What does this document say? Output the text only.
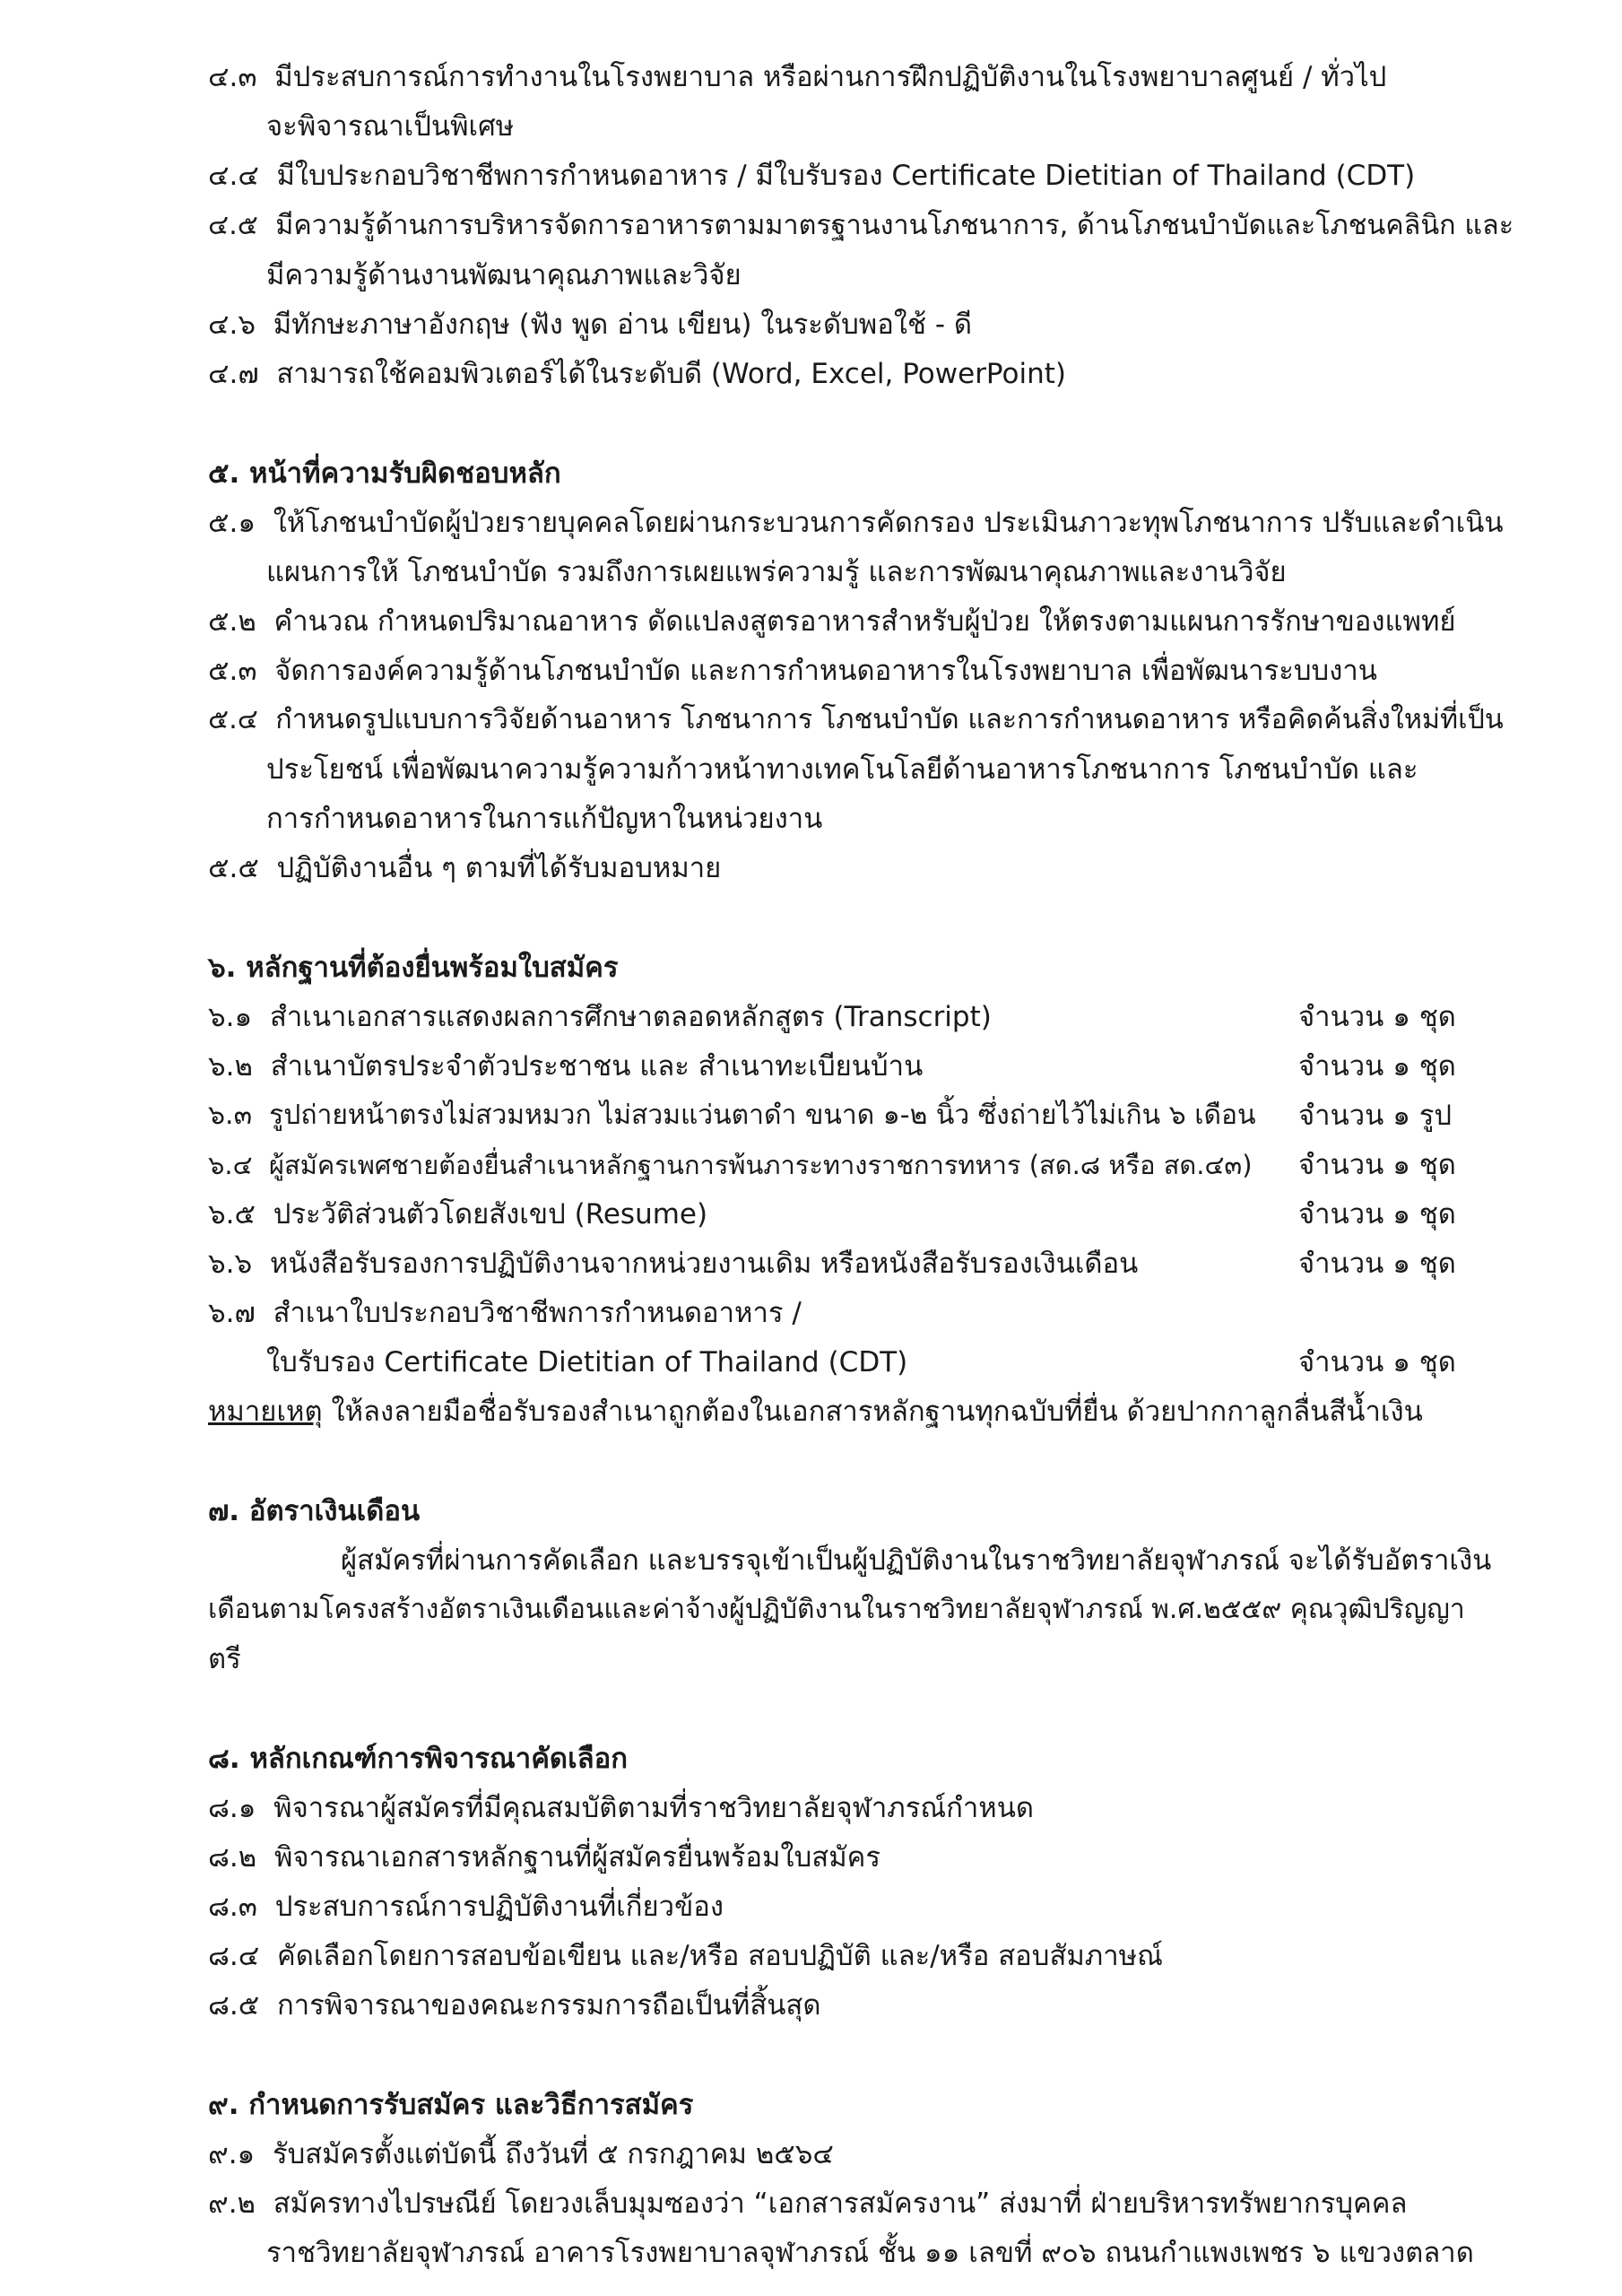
๔.๓ มีประสบการณ์การทำงานในโรงพยาบาล หรือผ่านการฝึกปฏิบัติงานในโรงพยาบาลศูนย์ / ทั่วไป
จะพิจารณาเป็นพิเศษ
๔.๔ มีใบประกอบวิชาชีพการกำหนดอาหาร / มีใบรับรอง Certificate Dietitian of Thailand (CDT)
๔.๕ มีความรู้ด้านการบริหารจัดการอาหารตามมาตรฐานงานโภชนาการ, ด้านโภชนบำบัดและโภชนคลินิก และ
มีความรู้ด้านงานพัฒนาคุณภาพและวิจัย
๔.๖ มีทักษะภาษาอังกฤษ (ฟัง พูด อ่าน เขียน) ในระดับพอใช้ - ดี
๔.๗ สามารถใช้คอมพิวเตอร์ได้ในระดับดี (Word, Excel, PowerPoint)
๕. หน้าที่ความรับผิดชอบหลัก
๕.๑ ให้โภชนบำบัดผู้ป่วยรายบุคคลโดยผ่านกระบวนการคัดกรอง ประเมินภาวะทุพโภชนาการ ปรับและดำเนิน
แผนการให้ โภชนบำบัด รวมถึงการเผยแพร่ความรู้ และการพัฒนาคุณภาพและงานวิจัย
๕.๒ คำนวณ กำหนดปริมาณอาหาร ดัดแปลงสูตรอาหารสำหรับผู้ป่วย ให้ตรงตามแผนการรักษาของแพทย์
๕.๓ จัดการองค์ความรู้ด้านโภชนบำบัด และการกำหนดอาหารในโรงพยาบาล เพื่อพัฒนาระบบงาน
๕.๔ กำหนดรูปแบบการวิจัยด้านอาหาร โภชนาการ โภชนบำบัด และการกำหนดอาหาร หรือคิดค้นสิ่งใหม่ที่เป็น
ประโยชน์ เพื่อพัฒนาความรู้ความก้าวหน้าทางเทคโนโลยีด้านอาหารโภชนาการ โภชนบำบัด และ
การกำหนดอาหารในการแก้ปัญหาในหน่วยงาน
๕.๕ ปฏิบัติงานอื่น ๆ ตามที่ได้รับมอบหมาย
๖. หลักฐานที่ต้องยื่นพร้อมใบสมัคร
๖.๑ สำเนาเอกสารแสดงผลการศึกษาตลอดหลักสูตร (Transcript)	จำนวน ๑ ชุด
๖.๒ สำเนาบัตรประจำตัวประชาชน และ สำเนาทะเบียนบ้าน	จำนวน ๑ ชุด
๖.๓ รูปถ่ายหน้าตรงไม่สวมหมวก ไม่สวมแว่นตาดำ ขนาด ๑-๒ นิ้ว ซึ่งถ่ายไว้ไม่เกิน ๖ เดือน จำนวน ๑ รูป
๖.๔ ผู้สมัครเพศชายต้องยื่นสำเนาหลักฐานการพ้นภาระทางราชการทหาร (สด.๘ หรือ สด.๔๓) จำนวน ๑ ชุด
๖.๕ ประวัติส่วนตัวโดยสังเขป (Resume)	จำนวน ๑ ชุด
๖.๖ หนังสือรับรองการปฏิบัติงานจากหน่วยงานเดิม หรือหนังสือรับรองเงินเดือน	จำนวน ๑ ชุด
๖.๗ สำเนาใบประกอบวิชาชีพการกำหนดอาหาร /
ใบรับรอง Certificate Dietitian of Thailand (CDT)	จำนวน ๑ ชุด
หมายเหตุ ให้ลงลายมือชื่อรับรองสำเนาถูกต้องในเอกสารหลักฐานทุกฉบับที่ยื่น ด้วยปากกาลูกลื่นสีน้ำเงิน
๗. อัตราเงินเดือน
ผู้สมัครที่ผ่านการคัดเลือก และบรรจุเข้าเป็นผู้ปฏิบัติงานในราชวิทยาลัยจุฬาภรณ์ จะได้รับอัตราเงิน
เดือนตามโครงสร้างอัตราเงินเดือนและค่าจ้างผู้ปฏิบัติงานในราชวิทยาลัยจุฬาภรณ์ พ.ศ.๒๕๕๙ คุณวุฒิปริญญา
ตรี
๘. หลักเกณฑ์การพิจารณาคัดเลือก
๘.๑ พิจารณาผู้สมัครที่มีคุณสมบัติตามที่ราชวิทยาลัยจุฬาภรณ์กำหนด
๘.๒ พิจารณาเอกสารหลักฐานที่ผู้สมัครยื่นพร้อมใบสมัคร
๘.๓ ประสบการณ์การปฏิบัติงานที่เกี่ยวข้อง
๘.๔ คัดเลือกโดยการสอบข้อเขียน และ/หรือ สอบปฏิบัติ และ/หรือ สอบสัมภาษณ์
๘.๕ การพิจารณาของคณะกรรมการถือเป็นที่สิ้นสุด
๙. กำหนดการรับสมัคร และวิธีการสมัคร
๙.๑ รับสมัครตั้งแต่บัดนี้ ถึงวันที่ ๕ กรกฎาคม ๒๕๖๔
๙.๒ สมัครทางไปรษณีย์ โดยวงเล็บมุมซองว่า “เอกสารสมัครงาน” ส่งมาที่ ฝ่ายบริหารทรัพยากรบุคคล
ราชวิทยาลัยจุฬาภรณ์ อาคารโรงพยาบาลจุฬาภรณ์ ชั้น ๑๑ เลขที่ ๙๐๖ ถนนกำแพงเพชร ๖ แขวงตลาด
